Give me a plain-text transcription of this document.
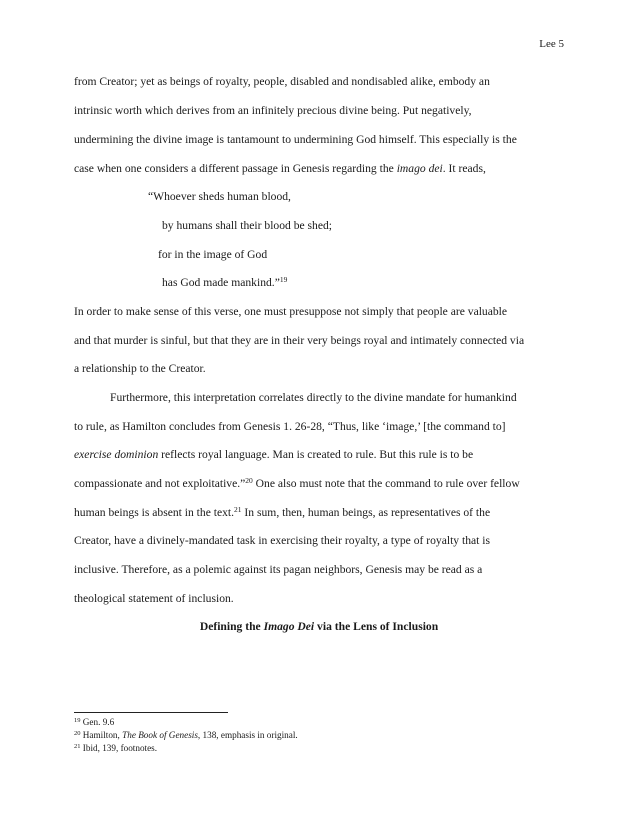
Lee 5
from Creator; yet as beings of royalty, people, disabled and nondisabled alike, embody an
intrinsic worth which derives from an infinitely precious divine being. Put negatively,
undermining the divine image is tantamount to undermining God himself. This especially is the
case when one considers a different passage in Genesis regarding the imago dei. It reads,
“Whoever sheds human blood,
by humans shall their blood be shed;
for in the image of God
has God made mankind.”$^{19}$
In order to make sense of this verse, one must presuppose not simply that people are valuable
and that murder is sinful, but that they are in their very beings royal and intimately connected via
a relationship to the Creator.
Furthermore, this interpretation correlates directly to the divine mandate for humankind
to rule, as Hamilton concludes from Genesis 1. 26-28, “Thus, like ‘image,’ [the command to]
exercise dominion reflects royal language. Man is created to rule. But this rule is to be
compassionate and not exploitative.”$^{20}$ One also must note that the command to rule over fellow
human beings is absent in the text.$^{21}$ In sum, then, human beings, as representatives of the
Creator, have a divinely-mandated task in exercising their royalty, a type of royalty that is
inclusive. Therefore, as a polemic against its pagan neighbors, Genesis may be read as a
theological statement of inclusion.
Defining the Imago Dei via the Lens of Inclusion
$^{19}$ Gen. 9.6
$^{20}$ Hamilton, The Book of Genesis, 138, emphasis in original.
$^{21}$ Ibid, 139, footnotes.
